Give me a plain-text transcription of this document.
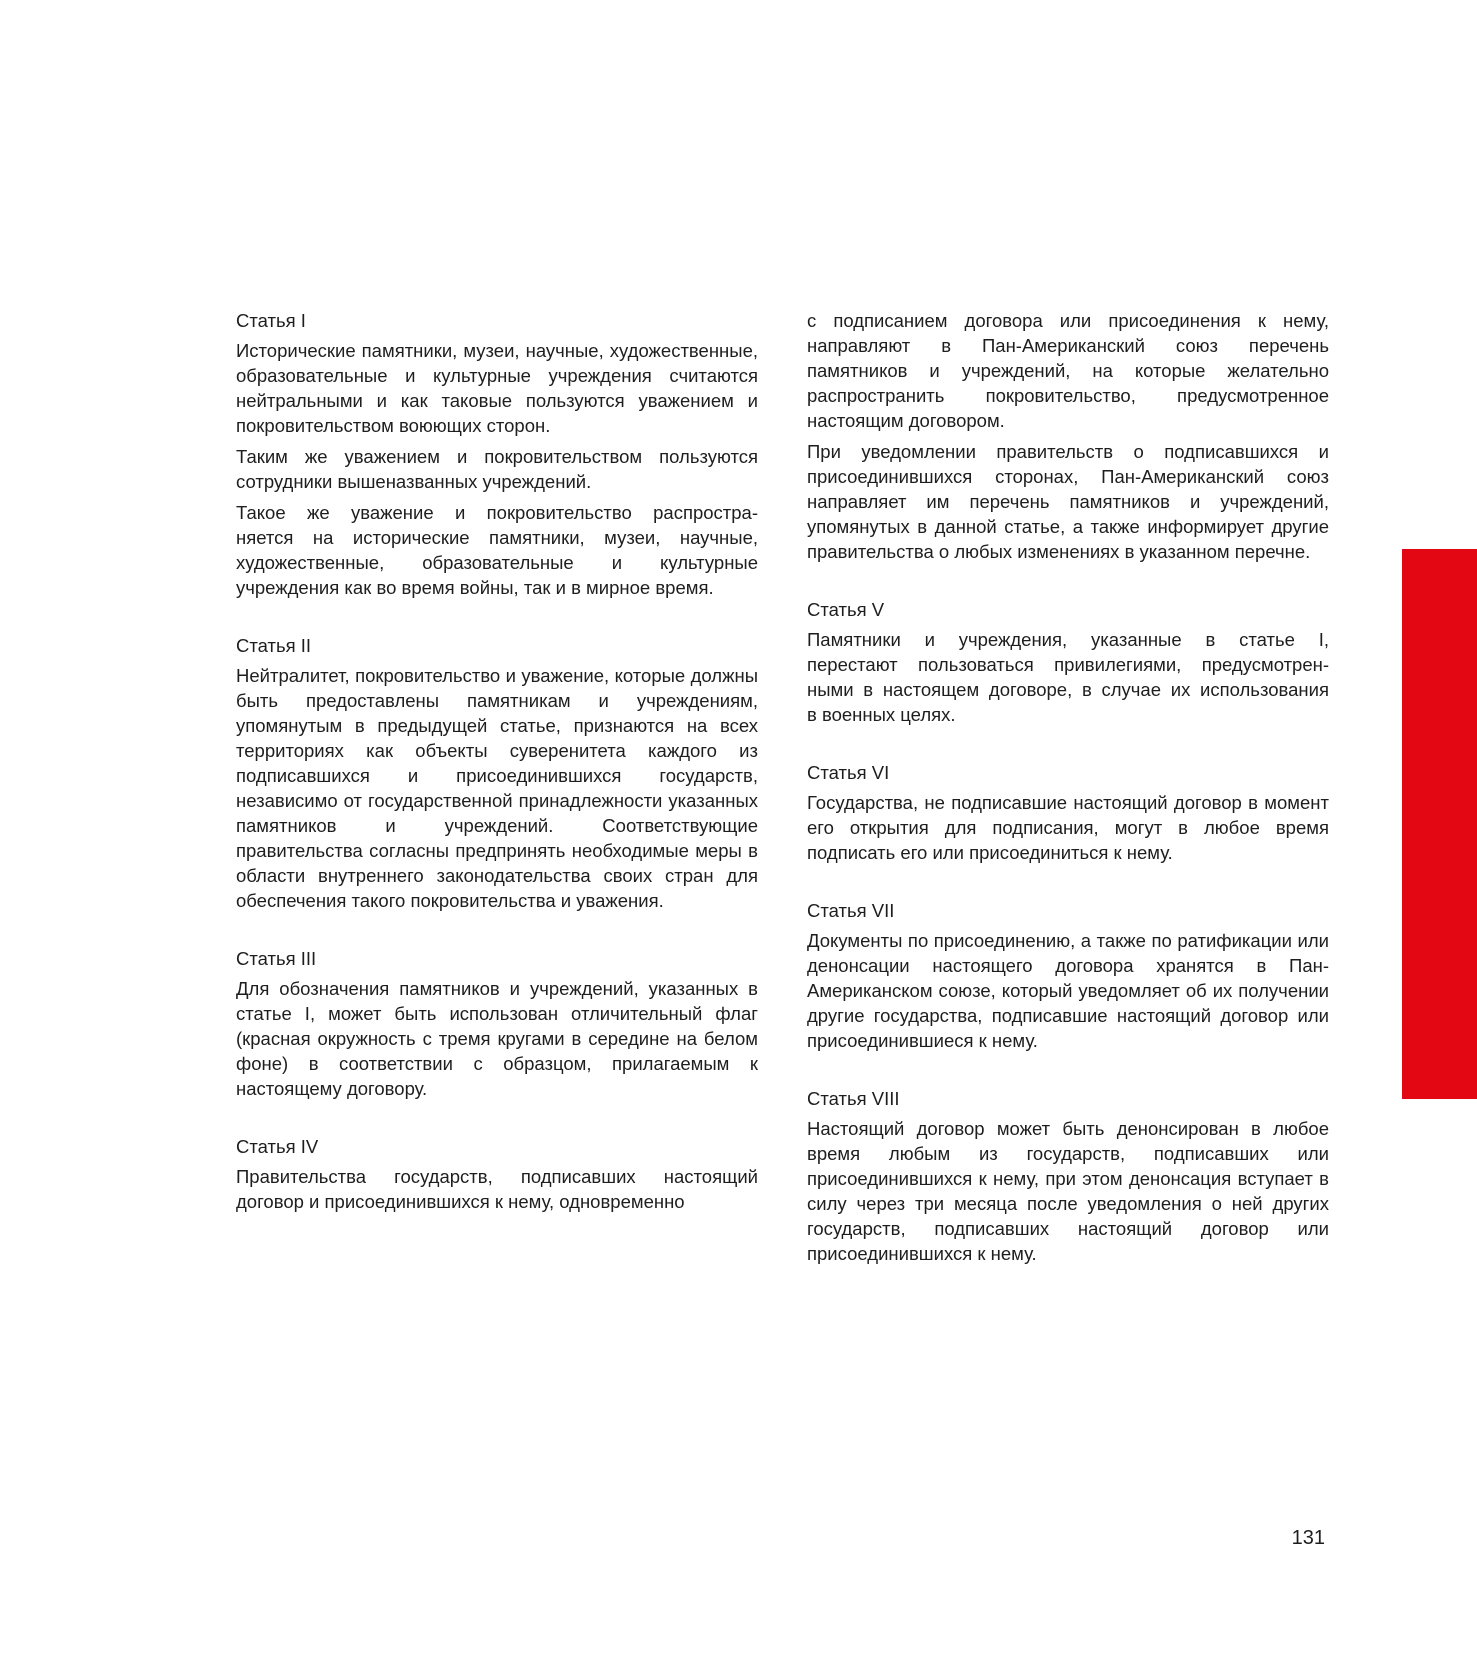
Статья I

Исторические памятники, музеи, научные, художественные, образовательные и культурные учреждения считаются нейтральными и как таковые пользуются уважением и покровительством воюющих сторон.

Таким же уважением и покровительством пользуются сотрудники вышеназванных учреждений.

Такое же уважение и покровительство распростра-
няется на исторические памятники, музеи, научные,
художественные, образовательные и культурные
учреждения как во время войны, так и в мирное время.

Статья II

Нейтралитет, покровительство и уважение, которые должны быть предоставлены памятникам и учреждениям, упомянутым в предыдущей статье, признаются на всех территориях как объекты суверенитета каждого из подписавшихся и присоединившихся государств, независимо от государственной принадлежности указанных памятников и учреждений. Соответствующие правительства согласны предпринять необходимые меры в области внутреннего законодательства своих стран для обеспечения такого покровительства и уважения.

Статья III

Для обозначения памятников и учреждений, указанных в статье I, может быть использован отличительный флаг (красная окружность с тремя кругами в середине на белом фоне) в соответствии с образцом, прилагаемым к настоящему договору.

Статья IV

Правительства государств, подписавших настоящий договор и присоединившихся к нему, одновременно

с подписанием договора или присоединения к нему, направляют в Пан-Американский союз перечень памятников и учреждений, на которые желательно распространить покровительство, предусмотренное настоящим договором.

При уведомлении правительств о подписавшихся и присоединившихся сторонах, Пан-Американский союз направляет им перечень памятников и учреждений, упомянутых в данной статье, а также информирует другие правительства о любых изменениях в указанном перечне.

Статья V

Памятники и учреждения, указанные в статье I,
перестают пользоваться привилегиями, предусмотрен-
ными в настоящем договоре, в случае их использования
в военных целях.

Статья VI

Государства, не подписавшие настоящий договор в момент его открытия для подписания, могут в любое время подписать его или присоединиться к нему.

Статья VII

Документы по присоединению, а также по ратификации или денонсации настоящего договора хранятся в Пан-Американском союзе, который уведомляет об их получении другие государства, подписавшие настоящий договор или присоединившиеся к нему.

Статья VIII

Настоящий договор может быть денонсирован в любое время любым из государств, подписавших или присоединившихся к нему, при этом денонсация вступает в силу через три месяца после уведомления о ней других государств, подписавших настоящий договор или присоединившихся к нему.

131
